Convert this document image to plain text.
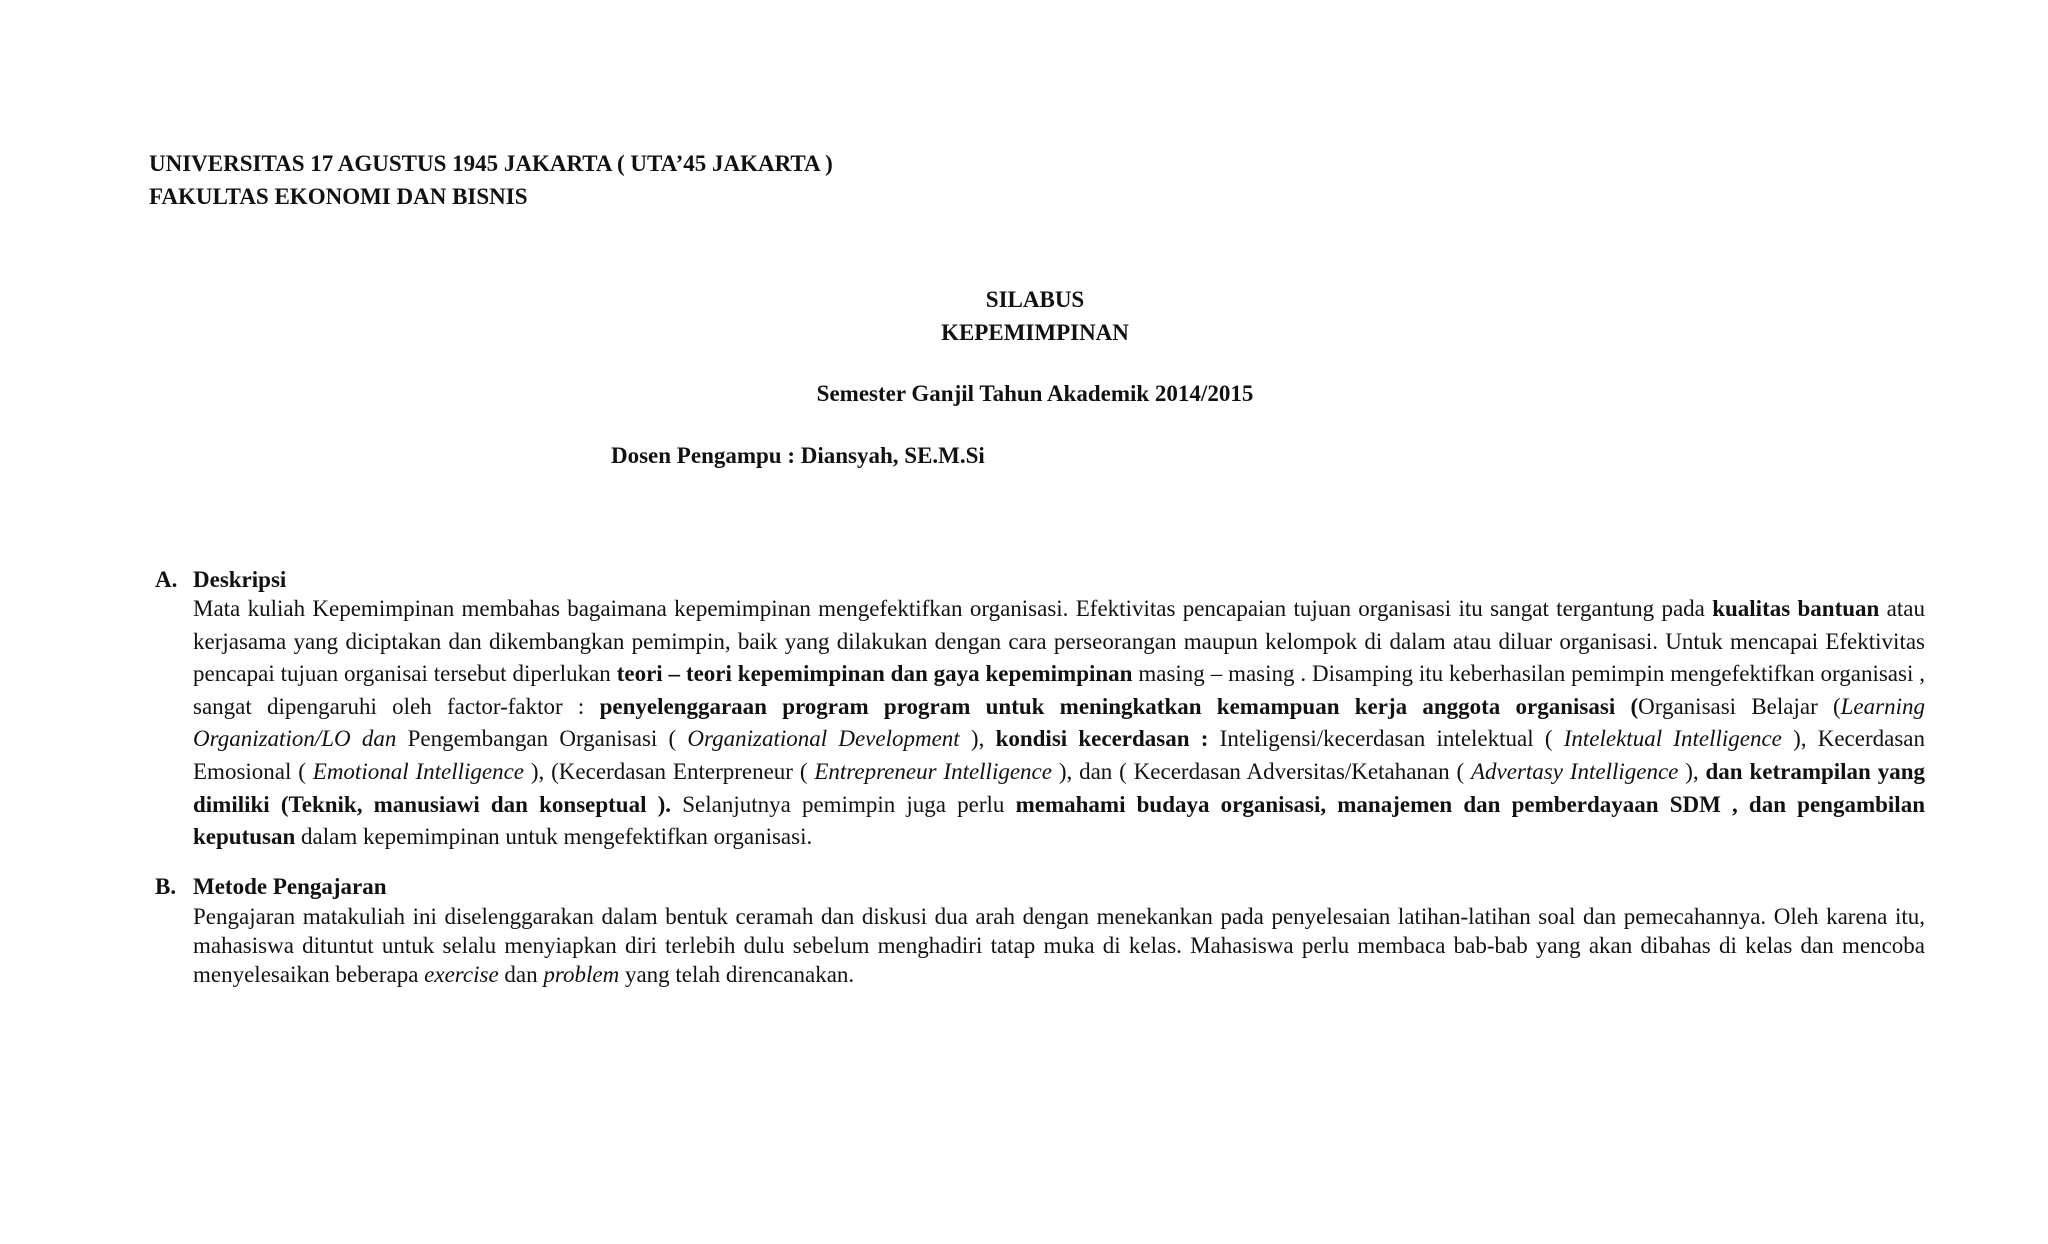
UNIVERSITAS 17 AGUSTUS 1945 JAKARTA ( UTA’45 JAKARTA )
FAKULTAS EKONOMI DAN BISNIS
SILABUS
KEPEMIMPINAN
Semester Ganjil Tahun Akademik 2014/2015
Dosen Pengampu : Diansyah, SE.M.Si
A. Deskripsi
Mata kuliah Kepemimpinan membahas bagaimana kepemimpinan mengefektifkan organisasi. Efektivitas pencapaian tujuan organisasi itu sangat tergantung pada kualitas bantuan atau kerjasama yang diciptakan dan dikembangkan pemimpin, baik yang dilakukan dengan cara perseorangan maupun kelompok di dalam atau diluar organisasi. Untuk mencapai Efektivitas pencapai tujuan organisai tersebut diperlukan teori – teori kepemimpinan dan gaya kepemimpinan masing – masing . Disamping itu keberhasilan pemimpin mengefektifkan organisasi , sangat dipengaruhi oleh factor-faktor : penyelenggaraan program program untuk meningkatkan kemampuan kerja anggota organisasi (Organisasi Belajar (Learning Organization/LO dan Pengembangan Organisasi ( Organizational Development ), kondisi kecerdasan : Inteligensi/kecerdasan intelektual ( Intelektual Intelligence ), Kecerdasan Emosional ( Emotional Intelligence ), (Kecerdasan Enterpreneur ( Entrepreneur Intelligence ), dan ( Kecerdasan Adversitas/Ketahanan ( Advertasy Intelligence ), dan ketrampilan yang dimiliki (Teknik, manusiawi dan konseptual ). Selanjutnya pemimpin juga perlu memahami budaya organisasi, manajemen dan pemberdayaan SDM , dan pengambilan keputusan dalam kepemimpinan untuk mengefektifkan organisasi.
B. Metode Pengajaran
Pengajaran matakuliah ini diselenggarakan dalam bentuk ceramah dan diskusi dua arah dengan menekankan pada penyelesaian latihan-latihan soal dan pemecahannya. Oleh karena itu, mahasiswa dituntut untuk selalu menyiapkan diri terlebih dulu sebelum menghadiri tatap muka di kelas. Mahasiswa perlu membaca bab-bab yang akan dibahas di kelas dan mencoba menyelesaikan beberapa exercise dan problem yang telah direncanakan.
